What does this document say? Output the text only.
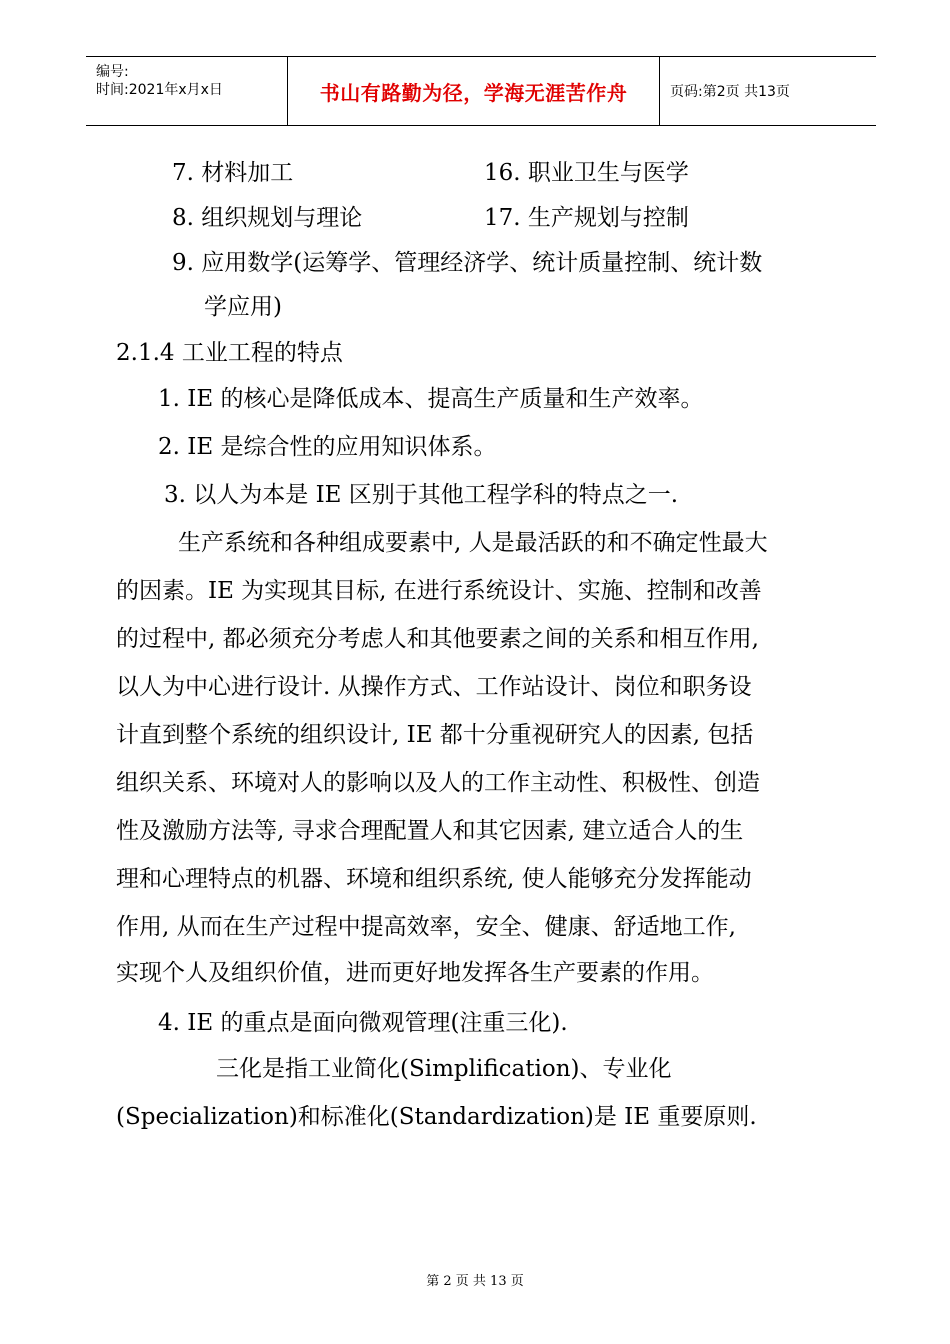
编号:
时间:2021年x月x日	书山有路勤为径，学海无涯苦作舟	页码:第2页 共13页
7. 材料加工	16. 职业卫生与医学
8. 组织规划与理论	17. 生产规划与控制
9. 应用数学(运筹学、管理经济学、统计质量控制、统计数
学应用)
2.1.4 工业工程的特点
1. IE 的核心是降低成本、提高生产质量和生产效率。
2. IE 是综合性的应用知识体系。
3. 以人为本是 IE 区别于其他工程学科的特点之一.
生产系统和各种组成要素中, 人是最活跃的和不确定性最大
的因素。IE 为实现其目标, 在进行系统设计、实施、控制和改善
的过程中, 都必须充分考虑人和其他要素之间的关系和相互作用,
以人为中心进行设计. 从操作方式、工作站设计、岗位和职务设
计直到整个系统的组织设计, IE 都十分重视研究人的因素, 包括
组织关系、环境对人的影响以及人的工作主动性、积极性、创造
性及激励方法等, 寻求合理配置人和其它因素, 建立适合人的生
理和心理特点的机器、环境和组织系统, 使人能够充分发挥能动
作用, 从而在生产过程中提高效率，安全、健康、舒适地工作,
实现个人及组织价值，进而更好地发挥各生产要素的作用。
4. IE 的重点是面向微观管理(注重三化).
三化是指工业简化(Simplification)、专业化
(Specialization)和标准化(Standardization)是 IE 重要原则.
第 2 页 共 13 页
